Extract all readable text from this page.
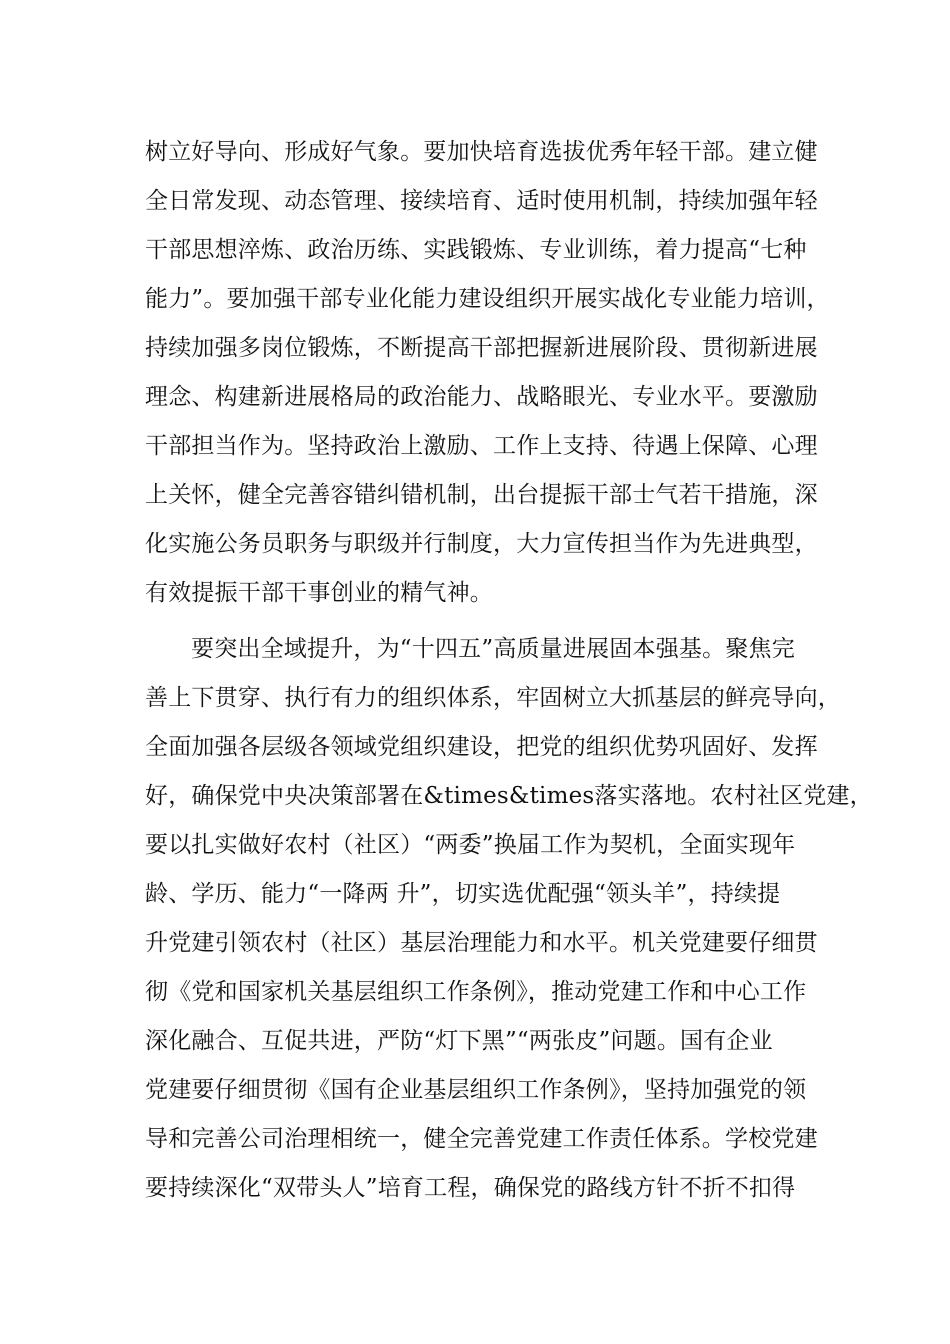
树立好导向、形成好气象。要加快培育选拔优秀年轻干部。建立健
全日常发现、动态管理、接续培育、适时使用机制，持续加强年轻
干部思想淬炼、政治历练、实践锻炼、专业训练，着力提高“七种
能力”。要加强干部专业化能力建设组织开展实战化专业能力培训，
持续加强多岗位锻炼，不断提高干部把握新进展阶段、贯彻新进展
理念、构建新进展格局的政治能力、战略眼光、专业水平。要激励
干部担当作为。坚持政治上激励、工作上支持、待遇上保障、心理
上关怀，健全完善容错纠错机制，出台提振干部士气若干措施，深
化实施公务员职务与职级并行制度，大力宣传担当作为先进典型，
有效提振干部干事创业的精气神。
要突出全域提升，为“十四五”高质量进展固本强基。聚焦完
善上下贯穿、执行有力的组织体系，牢固树立大抓基层的鲜亮导向，
全面加强各层级各领域党组织建设，把党的组织优势巩固好、发挥
好，确保党中央决策部署在&times&times落实落地。农村社区党建，
要以扎实做好农村（社区）“两委”换届工作为契机，全面实现年
龄、学历、能力“一降两 升”，切实选优配强“领头羊”，持续提
升党建引领农村（社区）基层治理能力和水平。机关党建要仔细贯
彻《党和国家机关基层组织工作条例》，推动党建工作和中心工作
深化融合、互促共进，严防“灯下黑”“两张皮”问题。国有企业
党建要仔细贯彻《国有企业基层组织工作条例》，坚持加强党的领
导和完善公司治理相统一，健全完善党建工作责任体系。学校党建
要持续深化“双带头人”培育工程，确保党的路线方针不折不扣得
